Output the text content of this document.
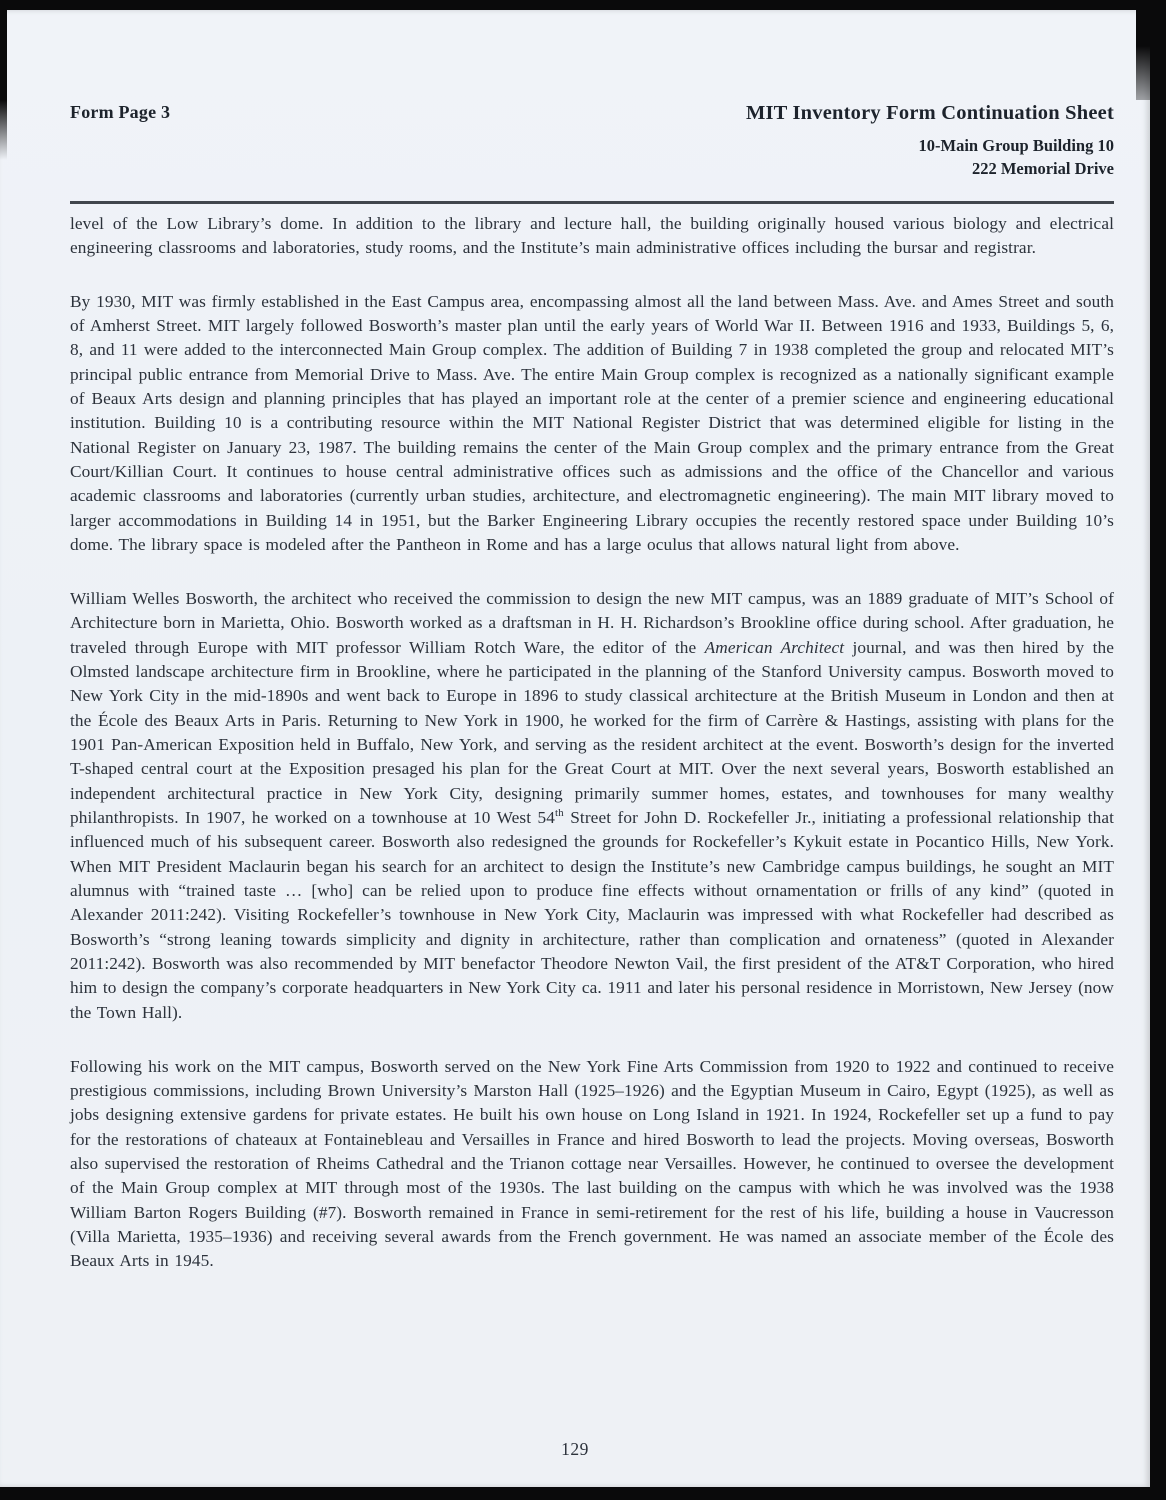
Form Page 3	MIT Inventory Form Continuation Sheet
10-Main Group Building 10
222 Memorial Drive

level of the Low Library’s dome. In addition to the library and lecture hall, the building originally housed various biology and electrical engineering classrooms and laboratories, study rooms, and the Institute’s main administrative offices including the bursar and registrar.

By 1930, MIT was firmly established in the East Campus area, encompassing almost all the land between Mass. Ave. and Ames Street and south of Amherst Street. MIT largely followed Bosworth’s master plan until the early years of World War II. Between 1916 and 1933, Buildings 5, 6, 8, and 11 were added to the interconnected Main Group complex. The addition of Building 7 in 1938 completed the group and relocated MIT’s principal public entrance from Memorial Drive to Mass. Ave. The entire Main Group complex is recognized as a nationally significant example of Beaux Arts design and planning principles that has played an important role at the center of a premier science and engineering educational institution. Building 10 is a contributing resource within the MIT National Register District that was determined eligible for listing in the National Register on January 23, 1987. The building remains the center of the Main Group complex and the primary entrance from the Great Court/Killian Court. It continues to house central administrative offices such as admissions and the office of the Chancellor and various academic classrooms and laboratories (currently urban studies, architecture, and electromagnetic engineering). The main MIT library moved to larger accommodations in Building 14 in 1951, but the Barker Engineering Library occupies the recently restored space under Building 10’s dome. The library space is modeled after the Pantheon in Rome and has a large oculus that allows natural light from above.

William Welles Bosworth, the architect who received the commission to design the new MIT campus, was an 1889 graduate of MIT’s School of Architecture born in Marietta, Ohio. Bosworth worked as a draftsman in H. H. Richardson’s Brookline office during school. After graduation, he traveled through Europe with MIT professor William Rotch Ware, the editor of the American Architect journal, and was then hired by the Olmsted landscape architecture firm in Brookline, where he participated in the planning of the Stanford University campus. Bosworth moved to New York City in the mid-1890s and went back to Europe in 1896 to study classical architecture at the British Museum in London and then at the École des Beaux Arts in Paris. Returning to New York in 1900, he worked for the firm of Carrère & Hastings, assisting with plans for the 1901 Pan-American Exposition held in Buffalo, New York, and serving as the resident architect at the event. Bosworth’s design for the inverted T-shaped central court at the Exposition presaged his plan for the Great Court at MIT. Over the next several years, Bosworth established an independent architectural practice in New York City, designing primarily summer homes, estates, and townhouses for many wealthy philanthropists. In 1907, he worked on a townhouse at 10 West 54th Street for John D. Rockefeller Jr., initiating a professional relationship that influenced much of his subsequent career. Bosworth also redesigned the grounds for Rockefeller’s Kykuit estate in Pocantico Hills, New York. When MIT President Maclaurin began his search for an architect to design the Institute’s new Cambridge campus buildings, he sought an MIT alumnus with “trained taste … [who] can be relied upon to produce fine effects without ornamentation or frills of any kind” (quoted in Alexander 2011:242). Visiting Rockefeller’s townhouse in New York City, Maclaurin was impressed with what Rockefeller had described as Bosworth’s “strong leaning towards simplicity and dignity in architecture, rather than complication and ornateness” (quoted in Alexander 2011:242). Bosworth was also recommended by MIT benefactor Theodore Newton Vail, the first president of the AT&T Corporation, who hired him to design the company’s corporate headquarters in New York City ca. 1911 and later his personal residence in Morristown, New Jersey (now the Town Hall).

Following his work on the MIT campus, Bosworth served on the New York Fine Arts Commission from 1920 to 1922 and continued to receive prestigious commissions, including Brown University’s Marston Hall (1925–1926) and the Egyptian Museum in Cairo, Egypt (1925), as well as jobs designing extensive gardens for private estates. He built his own house on Long Island in 1921. In 1924, Rockefeller set up a fund to pay for the restorations of chateaux at Fontainebleau and Versailles in France and hired Bosworth to lead the projects. Moving overseas, Bosworth also supervised the restoration of Rheims Cathedral and the Trianon cottage near Versailles. However, he continued to oversee the development of the Main Group complex at MIT through most of the 1930s. The last building on the campus with which he was involved was the 1938 William Barton Rogers Building (#7). Bosworth remained in France in semi-retirement for the rest of his life, building a house in Vaucresson (Villa Marietta, 1935–1936) and receiving several awards from the French government. He was named an associate member of the École des Beaux Arts in 1945.

129
